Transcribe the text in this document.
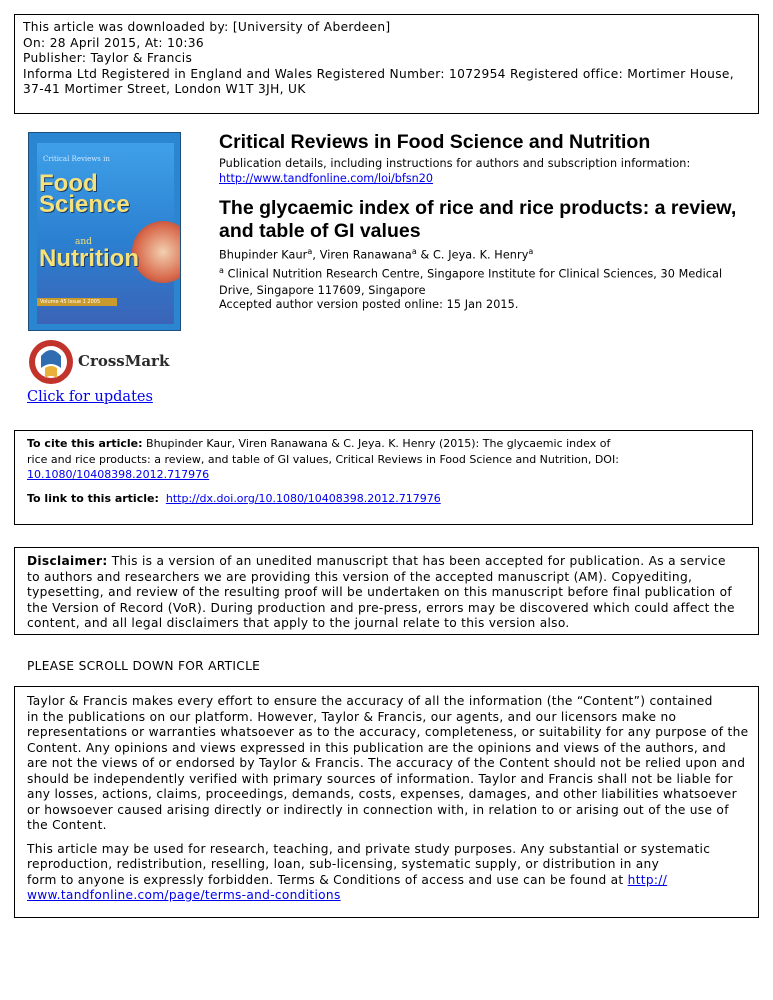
This article was downloaded by: [University of Aberdeen]
On: 28 April 2015, At: 10:36
Publisher: Taylor & Francis
Informa Ltd Registered in England and Wales Registered Number: 1072954 Registered office: Mortimer House,
37-41 Mortimer Street, London W1T 3JH, UK
Critical Reviews in
Food
Science
and
Nutrition
Volume 45 Issue 1 2005
CrossMark
Click for updates
Critical Reviews in Food Science and Nutrition
Publication details, including instructions for authors and subscription information:
http://www.tandfonline.com/loi/bfsn20
The glycaemic index of rice and rice products: a review, and table of GI values
Bhupinder Kaur$^a$, Viren Ranawana$^a$ & C. Jeya. K. Henry$^a$
$^a$ Clinical Nutrition Research Centre, Singapore Institute for Clinical Sciences, 30 Medical Drive, Singapore 117609, Singapore
Accepted author version posted online: 15 Jan 2015.
To cite this article: Bhupinder Kaur, Viren Ranawana & C. Jeya. K. Henry (2015): The glycaemic index of
rice and rice products: a review, and table of GI values, Critical Reviews in Food Science and Nutrition, DOI:
10.1080/10408398.2012.717976
To link to this article: http://dx.doi.org/10.1080/10408398.2012.717976
Disclaimer: This is a version of an unedited manuscript that has been accepted for publication. As a service
to authors and researchers we are providing this version of the accepted manuscript (AM). Copyediting,
typesetting, and review of the resulting proof will be undertaken on this manuscript before final publication of
the Version of Record (VoR). During production and pre-press, errors may be discovered which could affect the
content, and all legal disclaimers that apply to the journal relate to this version also.
PLEASE SCROLL DOWN FOR ARTICLE
Taylor & Francis makes every effort to ensure the accuracy of all the information (the “Content”) contained
in the publications on our platform. However, Taylor & Francis, our agents, and our licensors make no
representations or warranties whatsoever as to the accuracy, completeness, or suitability for any purpose of the
Content. Any opinions and views expressed in this publication are the opinions and views of the authors, and
are not the views of or endorsed by Taylor & Francis. The accuracy of the Content should not be relied upon and
should be independently verified with primary sources of information. Taylor and Francis shall not be liable for
any losses, actions, claims, proceedings, demands, costs, expenses, damages, and other liabilities whatsoever
or howsoever caused arising directly or indirectly in connection with, in relation to or arising out of the use of
the Content.
This article may be used for research, teaching, and private study purposes. Any substantial or systematic
reproduction, redistribution, reselling, loan, sub-licensing, systematic supply, or distribution in any
form to anyone is expressly forbidden. Terms & Conditions of access and use can be found at http://
www.tandfonline.com/page/terms-and-conditions
